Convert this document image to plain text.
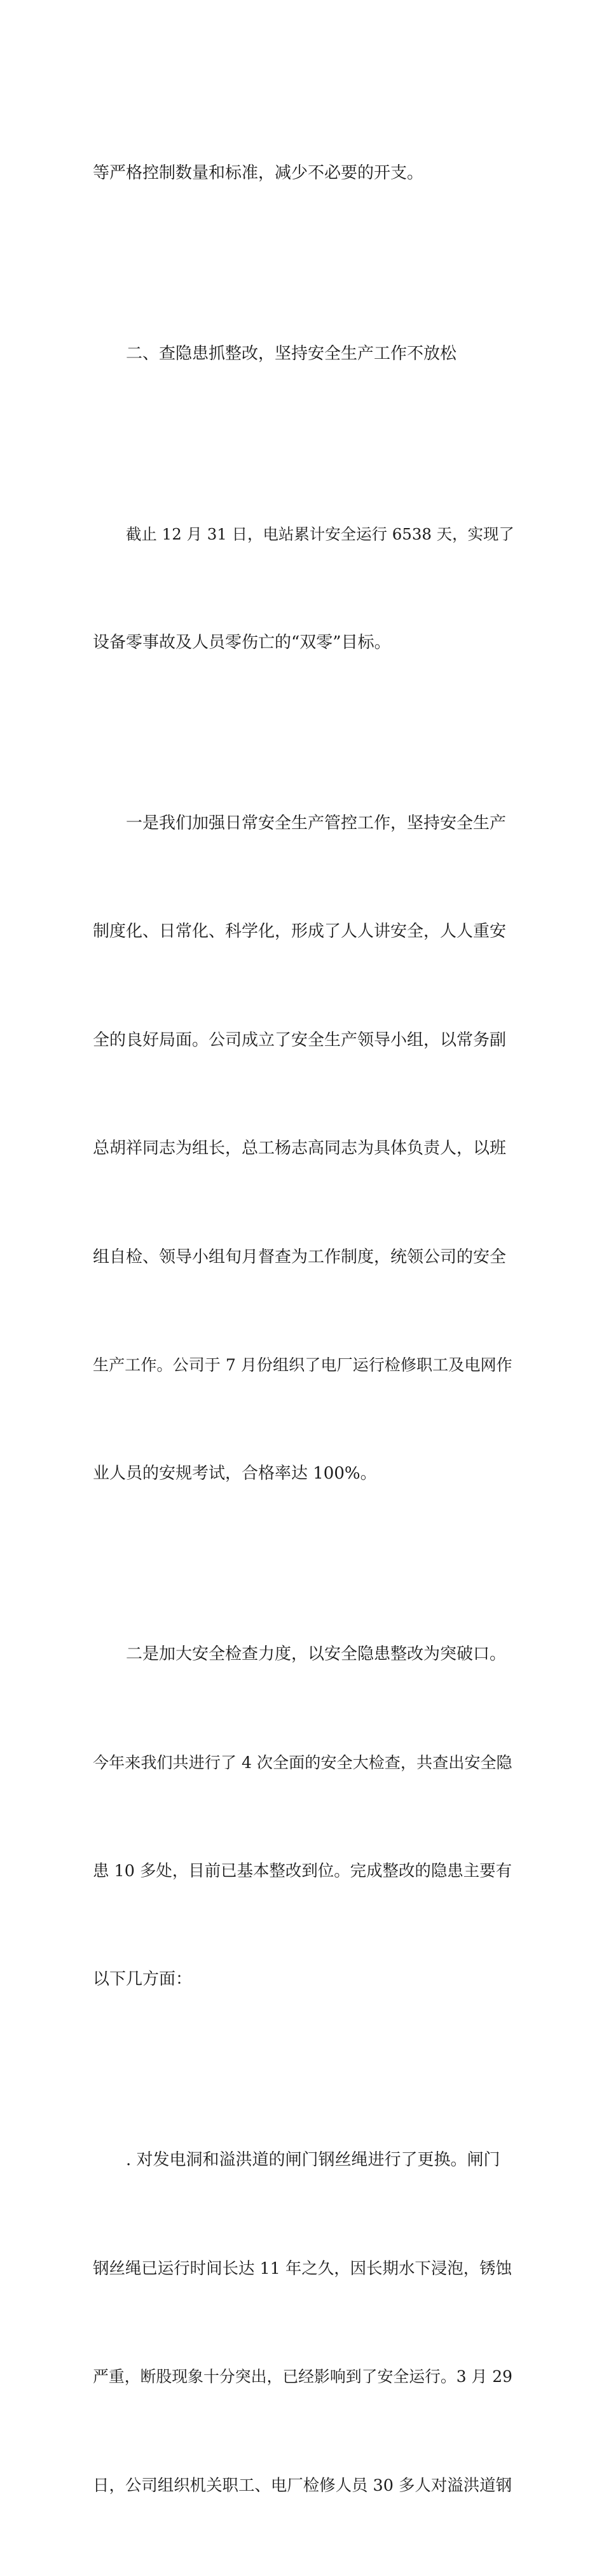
等严格控制数量和标准，减少不必要的开支。

二、查隐患抓整改，坚持安全生产工作不放松

截止 12 月 31 日，电站累计安全运行 6538 天，实现了

设备零事故及人员零伤亡的“双零”目标。

一是我们加强日常安全生产管控工作，坚持安全生产

制度化、日常化、科学化，形成了人人讲安全，人人重安

全的良好局面。公司成立了安全生产领导小组，以常务副

总胡祥同志为组长，总工杨志高同志为具体负责人，以班

组自检、领导小组旬月督查为工作制度，统领公司的安全

生产工作。公司于 7 月份组织了电厂运行检修职工及电网作

业人员的安规考试，合格率达 100%。

二是加大安全检查力度，以安全隐患整改为突破口。

今年来我们共进行了 4 次全面的安全大检查，共查出安全隐

患 10 多处，目前已基本整改到位。完成整改的隐患主要有

以下几方面：

. 对发电洞和溢洪道的闸门钢丝绳进行了更换。闸门

钢丝绳已运行时间长达 11 年之久，因长期水下浸泡，锈蚀

严重，断股现象十分突出，已经影响到了安全运行。3 月 29

日，公司组织机关职工、电厂检修人员 30 多人对溢洪道钢
